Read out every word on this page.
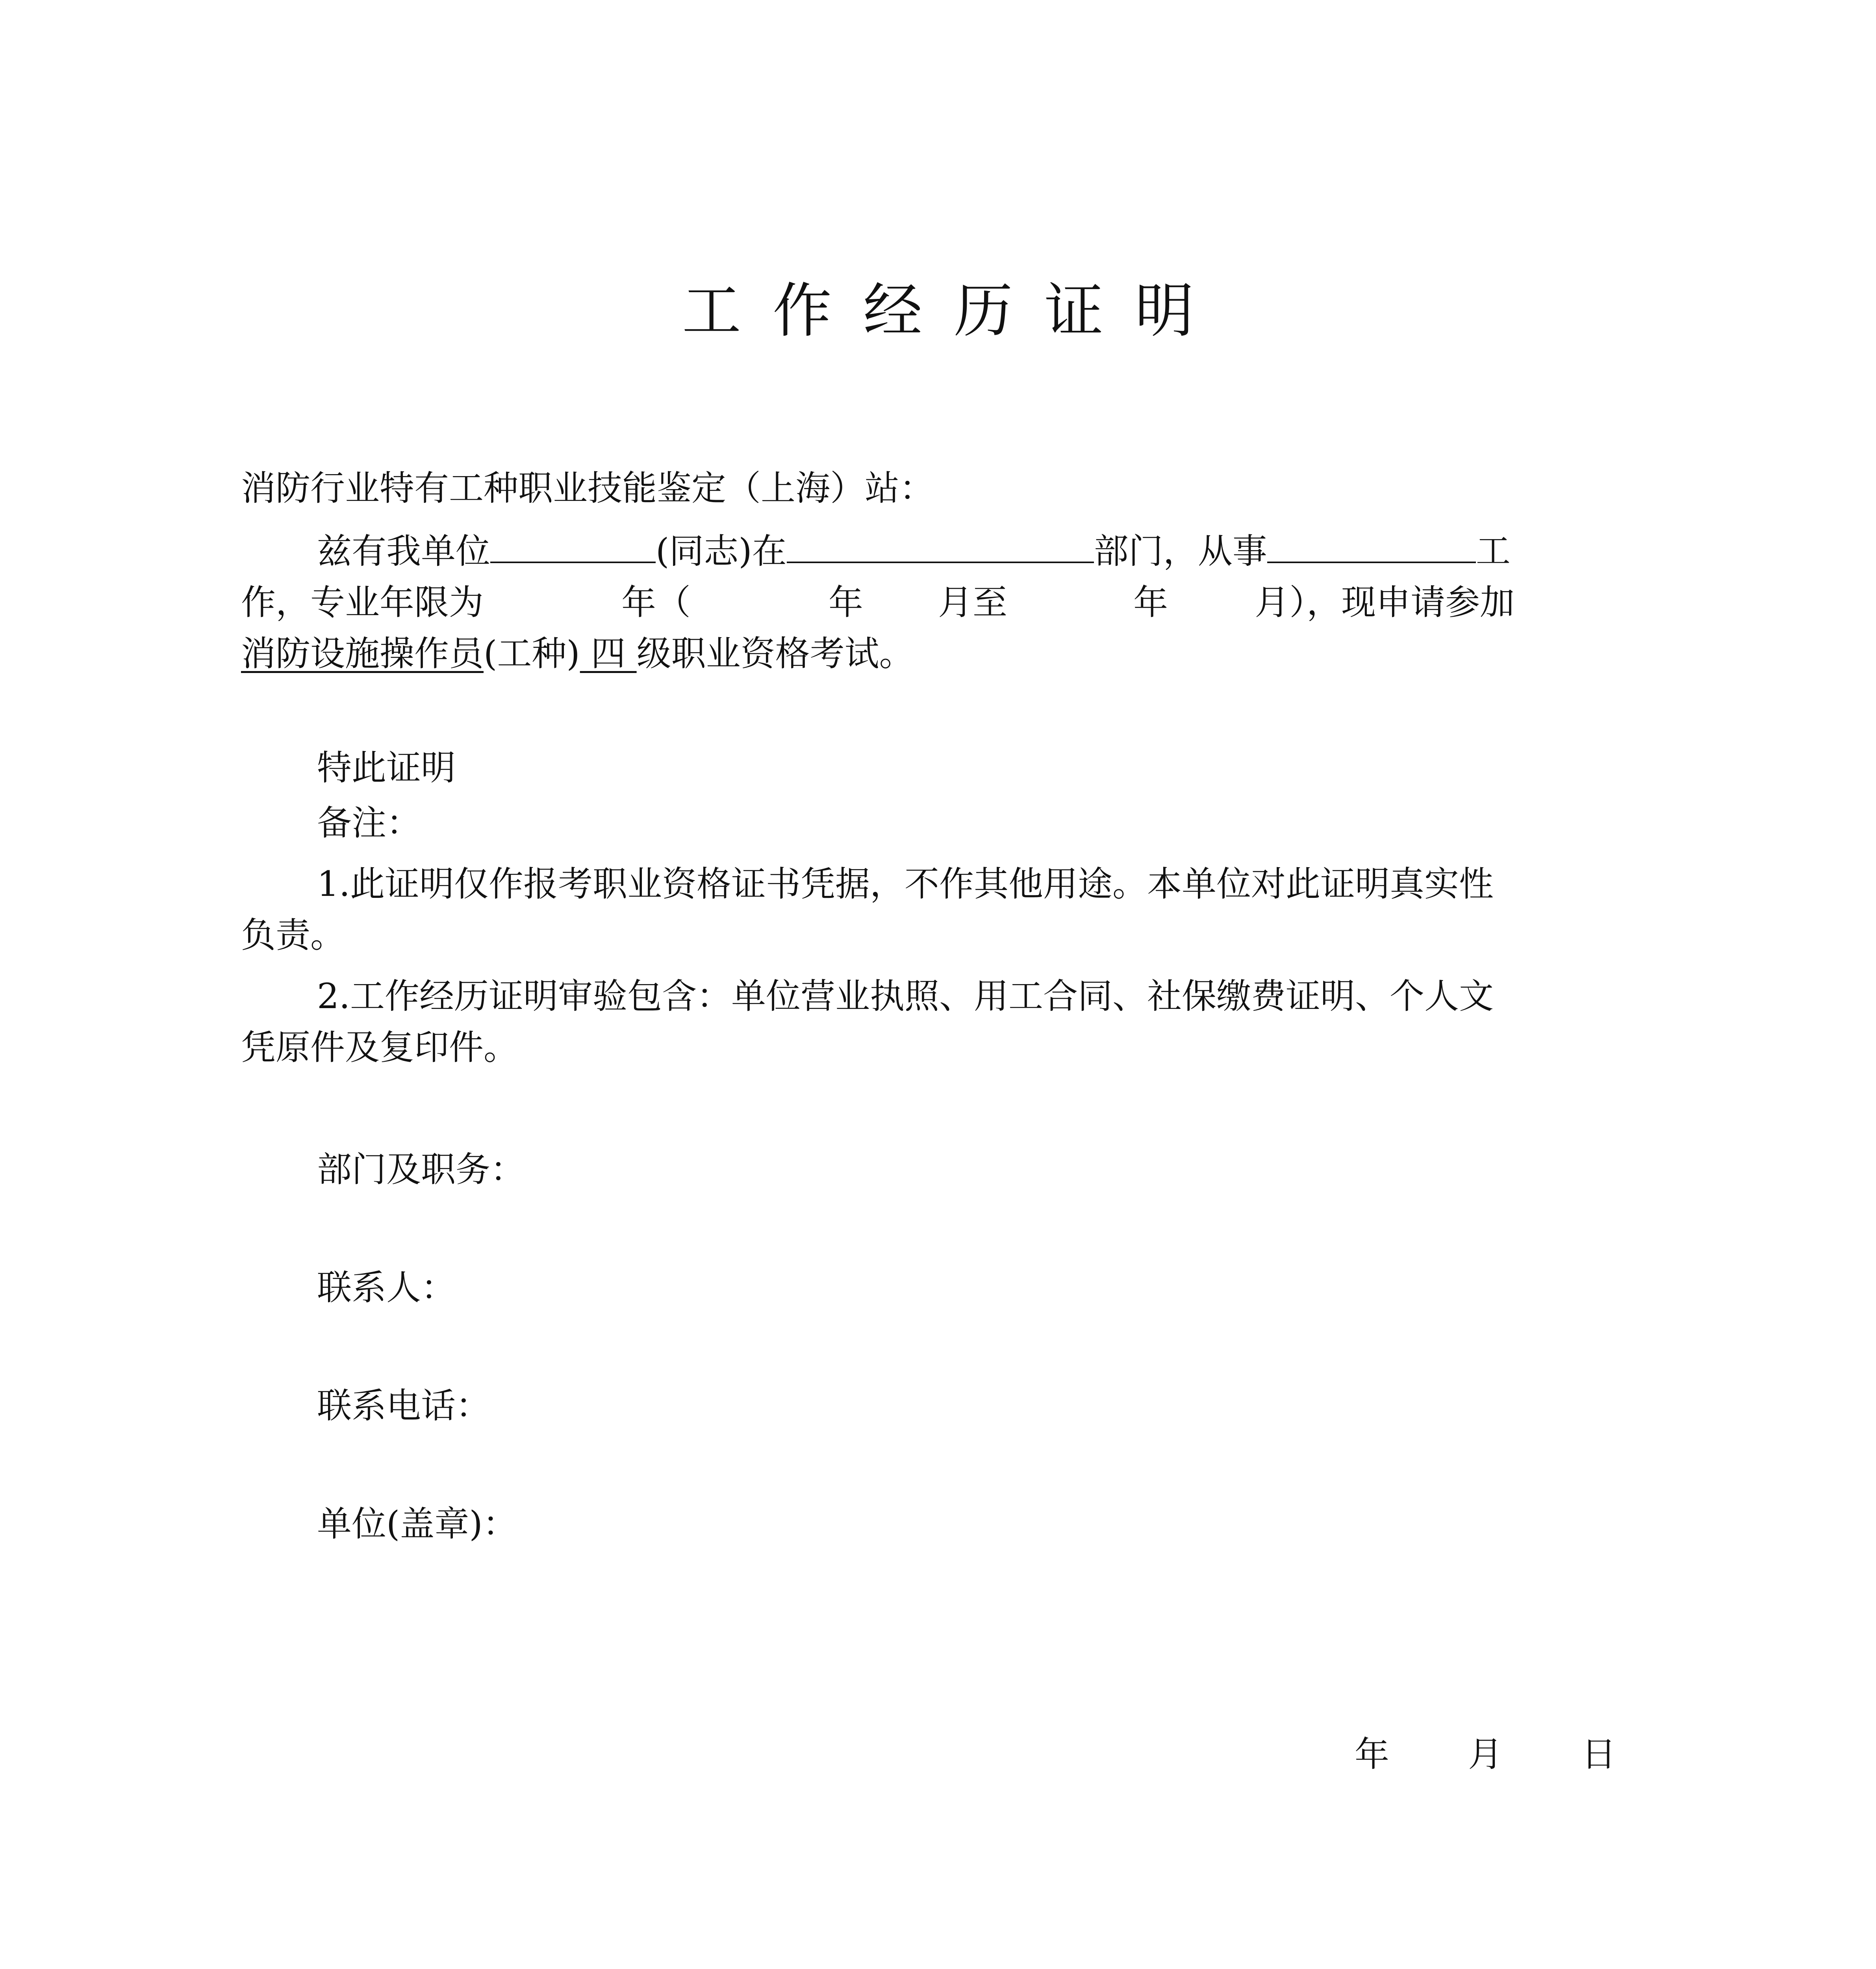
工 作 经 历 证 明
消防行业特有工种职业技能鉴定（上海）站：
兹有我单位	(同志)在	部门，从事	工
作，专业年限为	年（	年 月至	年	月），现申请参加
消防设施操作员(工种) 四 级职业资格考试。
特此证明
备注：
1.此证明仅作报考职业资格证书凭据，不作其他用途。本单位对此证明真实性
负责。
2.工作经历证明审验包含：单位营业执照、用工合同、社保缴费证明、个人文
凭原件及复印件。
部门及职务：
联系人：
联系电话：
单位(盖章)：
年 月 日
